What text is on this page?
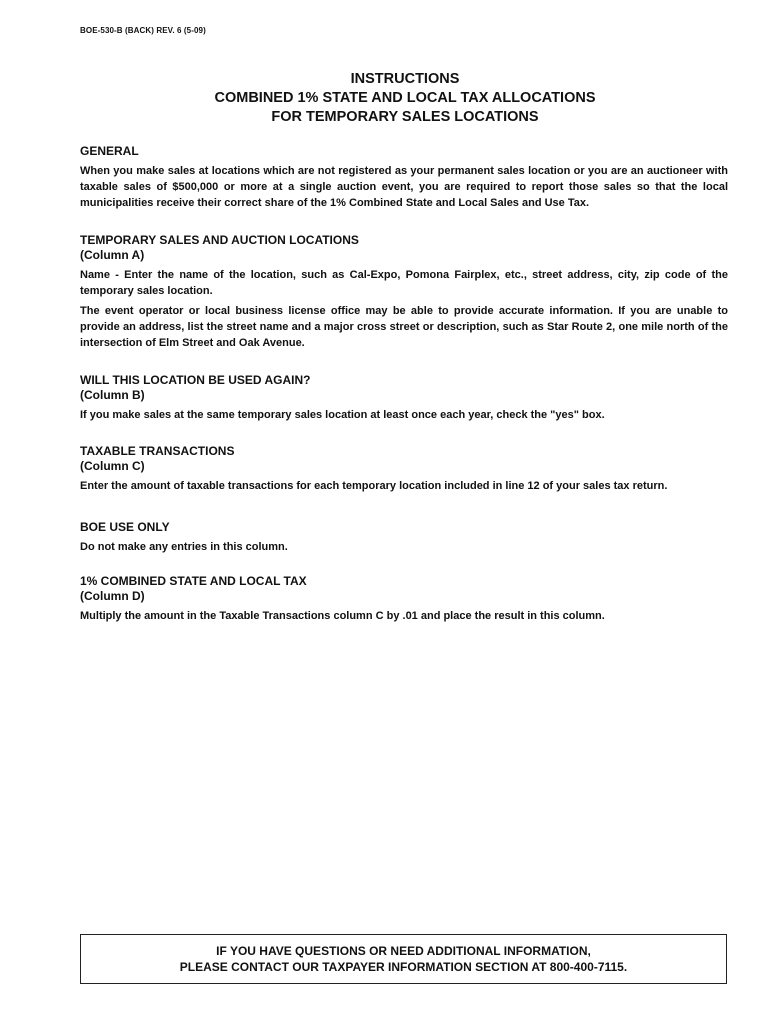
BOE-530-B (BACK) REV. 6 (5-09)
INSTRUCTIONS
COMBINED 1% STATE AND LOCAL TAX ALLOCATIONS
FOR TEMPORARY SALES LOCATIONS

GENERAL

When you make sales at locations which are not registered as your permanent sales location or you are an auctioneer with taxable sales of $500,000 or more at a single auction event, you are required to report those sales so that the local municipalities receive their correct share of the 1% Combined State and Local Sales and Use Tax.

TEMPORARY SALES AND AUCTION LOCATIONS

(Column A)

Name - Enter the name of the location, such as Cal-Expo, Pomona Fairplex, etc., street address, city, zip code of the temporary sales location.

The event operator or local business license office may be able to provide accurate information. If you are unable to provide an address, list the street name and a major cross street or description, such as Star Route 2, one mile north of the intersection of Elm Street and Oak Avenue.

WILL THIS LOCATION BE USED AGAIN?

(Column B)

If you make sales at the same temporary sales location at least once each year, check the "yes" box.

TAXABLE TRANSACTIONS

(Column C)

Enter the amount of taxable transactions for each temporary location included in line 12 of your sales tax return.

BOE USE ONLY

Do not make any entries in this column.

1% COMBINED STATE AND LOCAL TAX

(Column D)

Multiply the amount in the Taxable Transactions column C by .01 and place the result in this column.

IF YOU HAVE QUESTIONS OR NEED ADDITIONAL INFORMATION,
PLEASE CONTACT OUR TAXPAYER INFORMATION SECTION AT 800-400-7115.
